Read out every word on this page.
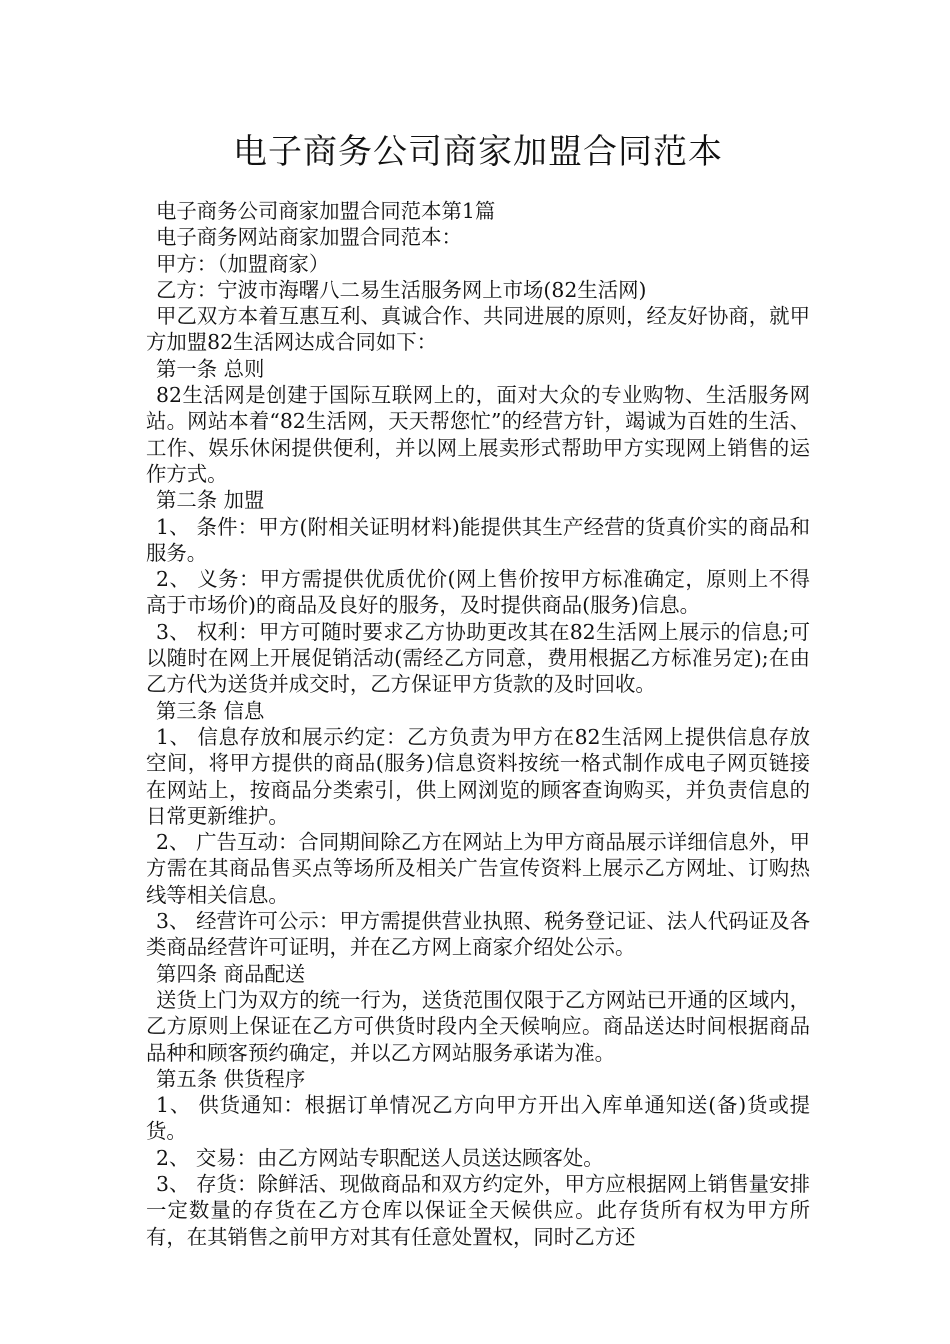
电子商务公司商家加盟合同范本

电子商务公司商家加盟合同范本第1篇

电子商务网站商家加盟合同范本：

甲方：（加盟商家）

乙方：宁波市海曙八二易生活服务网上市场(82生活网)

甲乙双方本着互惠互利、真诚合作、共同进展的原则，经友好协商，就甲方加盟82生活网达成合同如下：

第一条 总则

82生活网是创建于国际互联网上的，面对大众的专业购物、生活服务网站。网站本着“82生活网，天天帮您忙”的经营方针，竭诚为百姓的生活、工作、娱乐休闲提供便利，并以网上展卖形式帮助甲方实现网上销售的运作方式。

第二条 加盟

1、 条件：甲方(附相关证明材料)能提供其生产经营的货真价实的商品和服务。

2、 义务：甲方需提供优质优价(网上售价按甲方标准确定，原则上不得高于市场价)的商品及良好的服务，及时提供商品(服务)信息。

3、 权利：甲方可随时要求乙方协助更改其在82生活网上展示的信息;可以随时在网上开展促销活动(需经乙方同意，费用根据乙方标准另定);在由乙方代为送货并成交时，乙方保证甲方货款的及时回收。

第三条 信息

1、 信息存放和展示约定：乙方负责为甲方在82生活网上提供信息存放空间，将甲方提供的商品(服务)信息资料按统一格式制作成电子网页链接在网站上，按商品分类索引，供上网浏览的顾客查询购买，并负责信息的日常更新维护。

2、 广告互动：合同期间除乙方在网站上为甲方商品展示详细信息外，甲方需在其商品售买点等场所及相关广告宣传资料上展示乙方网址、订购热线等相关信息。

3、 经营许可公示：甲方需提供营业执照、税务登记证、法人代码证及各类商品经营许可证明，并在乙方网上商家介绍处公示。

第四条 商品配送

送货上门为双方的统一行为，送货范围仅限于乙方网站已开通的区域内，乙方原则上保证在乙方可供货时段内全天候响应。商品送达时间根据商品品种和顾客预约确定，并以乙方网站服务承诺为准。

第五条 供货程序

1、 供货通知：根据订单情况乙方向甲方开出入库单通知送(备)货或提货。

2、 交易：由乙方网站专职配送人员送达顾客处。

3、 存货：除鲜活、现做商品和双方约定外，甲方应根据网上销售量安排一定数量的存货在乙方仓库以保证全天候供应。此存货所有权为甲方所有，在其销售之前甲方对其有任意处置权，同时乙方还
